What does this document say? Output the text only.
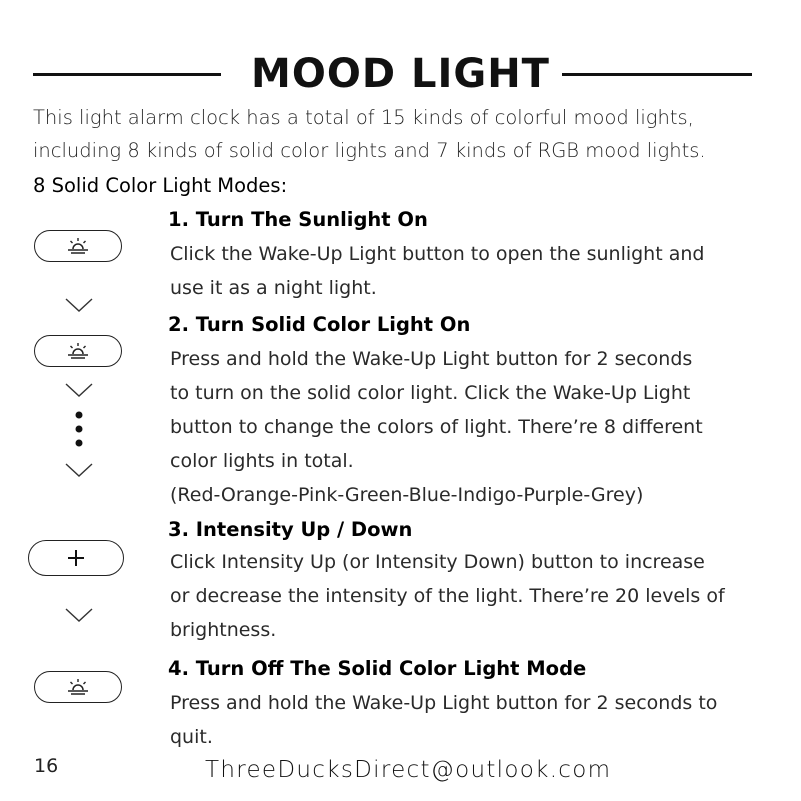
MOOD LIGHT

This light alarm clock has a total of 15 kinds of colorful mood lights,

including 8 kinds of solid color lights and 7 kinds of RGB mood lights.

8 Solid Color Light Modes:
1. Turn The Sunlight On

Click the Wake-Up Light button to open the sunlight and

use it as a night light.

2. Turn Solid Color Light On

Press and hold the Wake-Up Light button for 2 seconds

to turn on the solid color light. Click the Wake-Up Light

button to change the colors of light. There’re 8 different

color lights in total.

(Red-Orange-Pink-Green-Blue-Indigo-Purple-Grey)

3. Intensity Up / Down

Click Intensity Up (or Intensity Down) button to increase

or decrease the intensity of the light. There’re 20 levels of

brightness.

4. Turn Off The Solid Color Light Mode

Press and hold the Wake-Up Light button for 2 seconds to

quit.

16	ThreeDucksDirect@outlook.com
